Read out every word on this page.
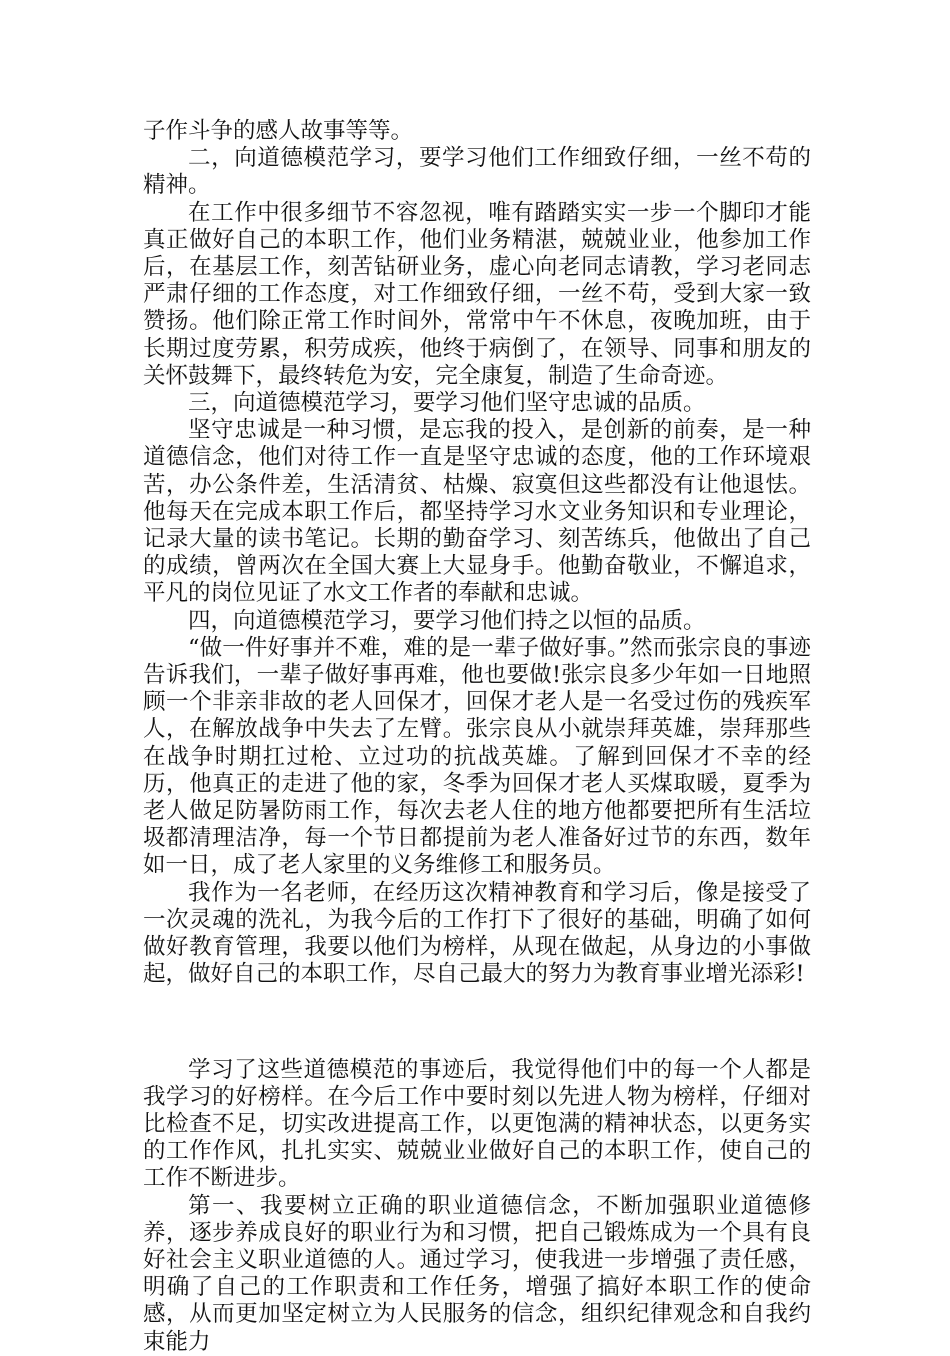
子作斗争的感人故事等等。

二，向道德模范学习，要学习他们工作细致仔细，一丝不苟的精神。

在工作中很多细节不容忽视，唯有踏踏实实一步一个脚印才能真正做好自己的本职工作，他们业务精湛，兢兢业业，他参加工作后，在基层工作，刻苦钻研业务，虚心向老同志请教，学习老同志严肃仔细的工作态度，对工作细致仔细，一丝不苟，受到大家一致赞扬。他们除正常工作时间外，常常中午不休息，夜晚加班，由于长期过度劳累，积劳成疾，他终于病倒了，在领导、同事和朋友的关怀鼓舞下，最终转危为安，完全康复，制造了生命奇迹。

三，向道德模范学习，要学习他们坚守忠诚的品质。

坚守忠诚是一种习惯，是忘我的投入，是创新的前奏，是一种道德信念，他们对待工作一直是坚守忠诚的态度，他的工作环境艰苦，办公条件差，生活清贫、枯燥、寂寞但这些都没有让他退怯。他每天在完成本职工作后，都坚持学习水文业务知识和专业理论，记录大量的读书笔记。长期的勤奋学习、刻苦练兵，他做出了自己的成绩，曾两次在全国大赛上大显身手。他勤奋敬业，不懈追求，平凡的岗位见证了水文工作者的奉献和忠诚。

四，向道德模范学习，要学习他们持之以恒的品质。

“做一件好事并不难，难的是一辈子做好事。”然而张宗良的事迹告诉我们，一辈子做好事再难，他也要做!张宗良多少年如一日地照顾一个非亲非故的老人回保才，回保才老人是一名受过伤的残疾军人，在解放战争中失去了左臂。张宗良从小就崇拜英雄，崇拜那些在战争时期扛过枪、立过功的抗战英雄。了解到回保才不幸的经历，他真正的走进了他的家，冬季为回保才老人买煤取暖，夏季为老人做足防暑防雨工作，每次去老人住的地方他都要把所有生活垃圾都清理洁净，每一个节日都提前为老人准备好过节的东西，数年如一日，成了老人家里的义务维修工和服务员。

我作为一名老师，在经历这次精神教育和学习后，像是接受了一次灵魂的洗礼，为我今后的工作打下了很好的基础，明确了如何做好教育管理，我要以他们为榜样，从现在做起，从身边的小事做起，做好自己的本职工作，尽自己最大的努力为教育事业增光添彩!

学习了这些道德模范的事迹后，我觉得他们中的每一个人都是我学习的好榜样。在今后工作中要时刻以先进人物为榜样，仔细对比检查不足，切实改进提高工作，以更饱满的精神状态，以更务实的工作作风，扎扎实实、兢兢业业做好自己的本职工作，使自己的工作不断进步。

第一、我要树立正确的职业道德信念，不断加强职业道德修养，逐步养成良好的职业行为和习惯，把自己锻炼成为一个具有良好社会主义职业道德的人。通过学习，使我进一步增强了责任感，明确了自己的工作职责和工作任务，增强了搞好本职工作的使命感，从而更加坚定树立为人民服务的信念，组织纪律观念和自我约束能力
